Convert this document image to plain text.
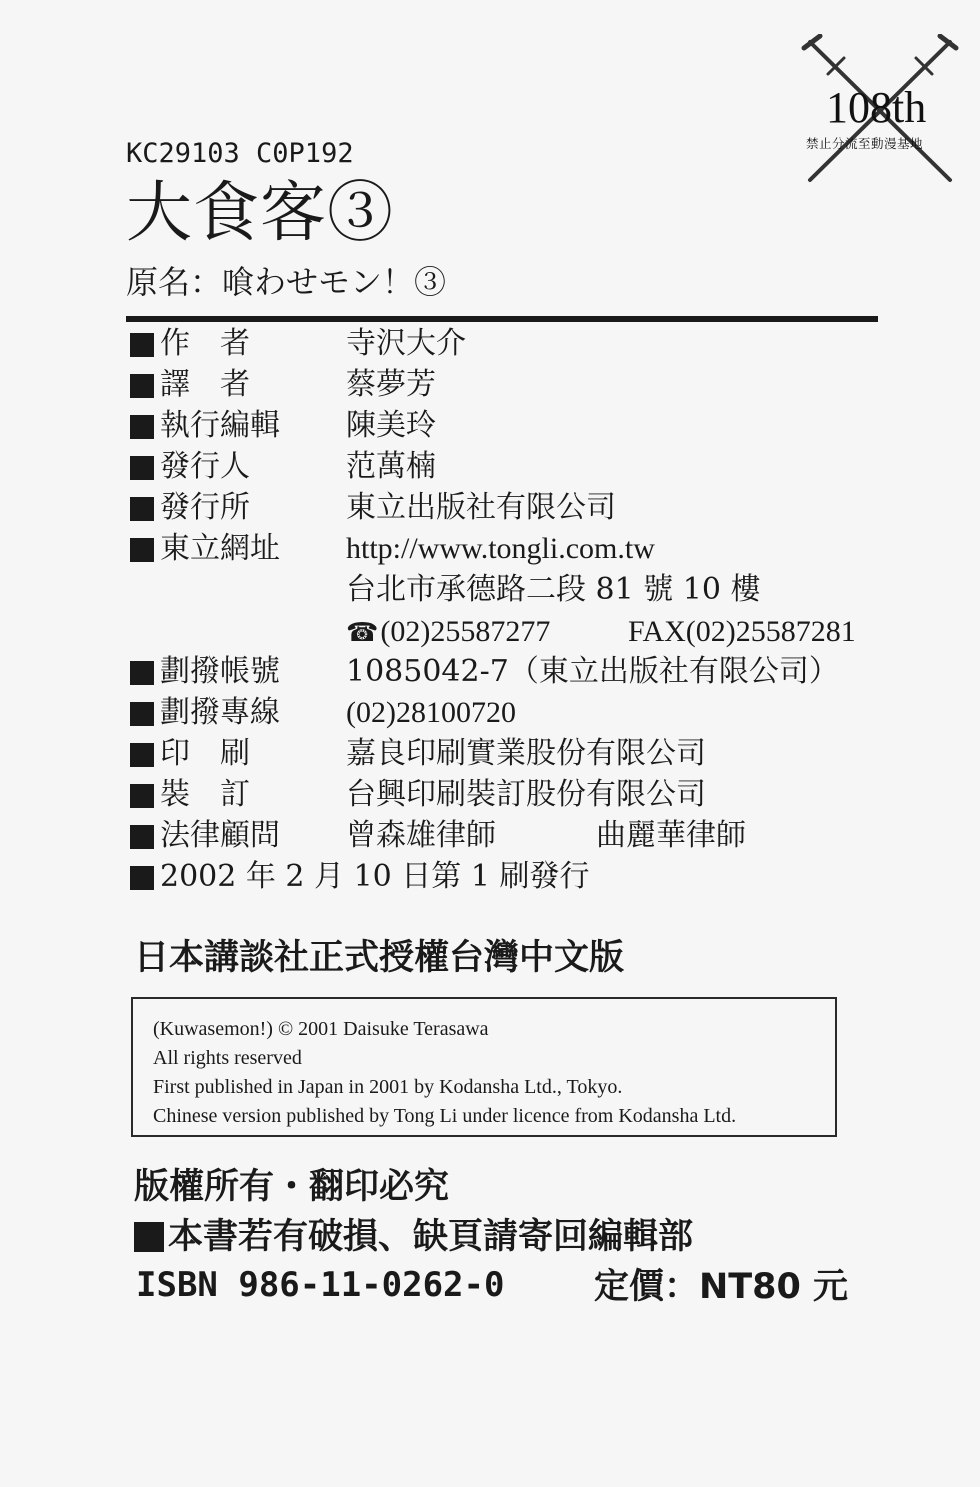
108th
禁止分流至動漫基地
KC29103 C0P192
大食客③
原名：喰わせモン！③
作　者	寺沢大介
譯　者	蔡夢芳
執行編輯	陳美玲
發行人	范萬楠
發行所	東立出版社有限公司
東立網址	http://www.tongli.com.tw
台北市承德路二段 81 號 10 樓
☎(02)25587277	FAX(02)25587281
劃撥帳號	1085042-7（東立出版社有限公司）
劃撥專線	(02)28100720
印　刷	嘉良印刷實業股份有限公司
裝　訂	台興印刷裝訂股份有限公司
法律顧問	曾森雄律師	曲麗華律師
2002 年 2 月 10 日第 1 刷發行
日本講談社正式授權台灣中文版
(Kuwasemon!) © 2001 Daisuke Terasawa
All rights reserved
First published in Japan in 2001 by Kodansha Ltd., Tokyo.
Chinese version published by Tong Li under licence from Kodansha Ltd.
版權所有・翻印必究
本書若有破損、缺頁請寄回編輯部
ISBN 986-11-0262-0	定價：NT80 元
